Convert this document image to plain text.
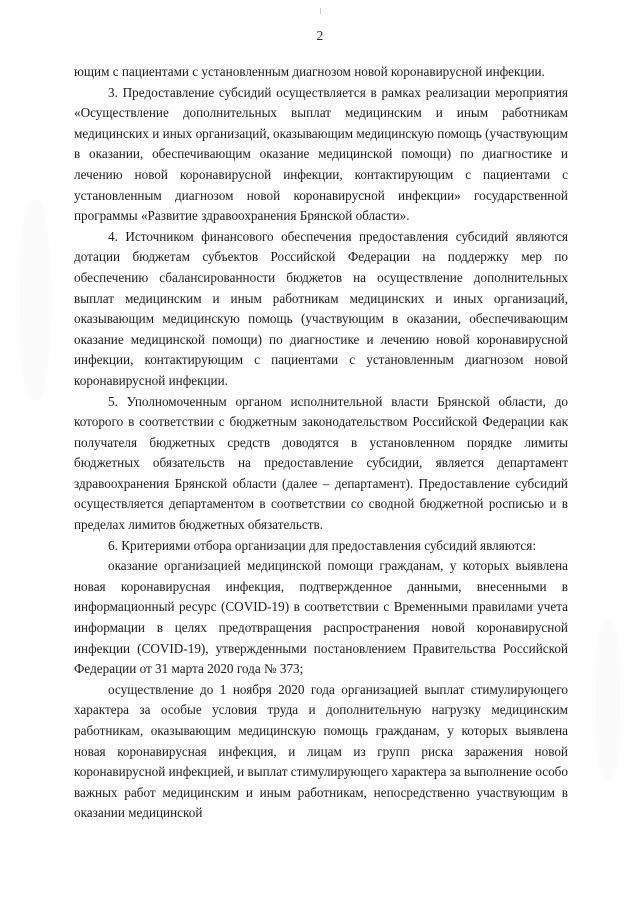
2

ющим с пациентами с установленным диагнозом новой коронавирусной инфекции.

3. Предоставление субсидий осуществляется в рамках реализации мероприятия «Осуществление дополнительных выплат медицинским и иным работникам медицинских и иных организаций, оказывающим медицинскую помощь (участвующим в оказании, обеспечивающим оказание медицинской помощи) по диагностике и лечению новой коронавирусной инфекции, контактирующим с пациентами с установленным диагнозом новой коронавирусной инфекции» государственной программы «Развитие здравоохранения Брянской области».

4. Источником финансового обеспечения предоставления субсидий являются дотации бюджетам субъектов Российской Федерации на поддержку мер по обеспечению сбалансированности бюджетов на осуществление дополнительных выплат медицинским и иным работникам медицинских и иных организаций, оказывающим медицинскую помощь (участвующим в оказании, обеспечивающим оказание медицинской помощи) по диагностике и лечению новой коронавирусной инфекции, контактирующим с пациентами с установленным диагнозом новой коронавирусной инфекции.

5. Уполномоченным органом исполнительной власти Брянской области, до которого в соответствии с бюджетным законодательством Российской Федерации как получателя бюджетных средств доводятся в установленном порядке лимиты бюджетных обязательств на предоставление субсидии, является департамент здравоохранения Брянской области (далее – департамент). Предоставление субсидий осуществляется департаментом в соответствии со сводной бюджетной росписью и в пределах лимитов бюджетных обязательств.

6. Критериями отбора организации для предоставления субсидий являются:

оказание организацией медицинской помощи гражданам, у которых выявлена новая коронавирусная инфекция, подтвержденное данными, внесенными в информационный ресурс (COVID-19) в соответствии с Временными правилами учета информации в целях предотвращения распространения новой коронавирусной инфекции (COVID-19), утвержденными постановлением Правительства Российской Федерации от 31 марта 2020 года № 373;

осуществление до 1 ноября 2020 года организацией выплат стимулирующего характера за особые условия труда и дополнительную нагрузку медицинским работникам, оказывающим медицинскую помощь гражданам, у которых выявлена новая коронавирусная инфекция, и лицам из групп риска заражения новой коронавирусной инфекцией, и выплат стимулирующего характера за выполнение особо важных работ медицинским и иным работникам, непосредственно участвующим в оказании медицинской
